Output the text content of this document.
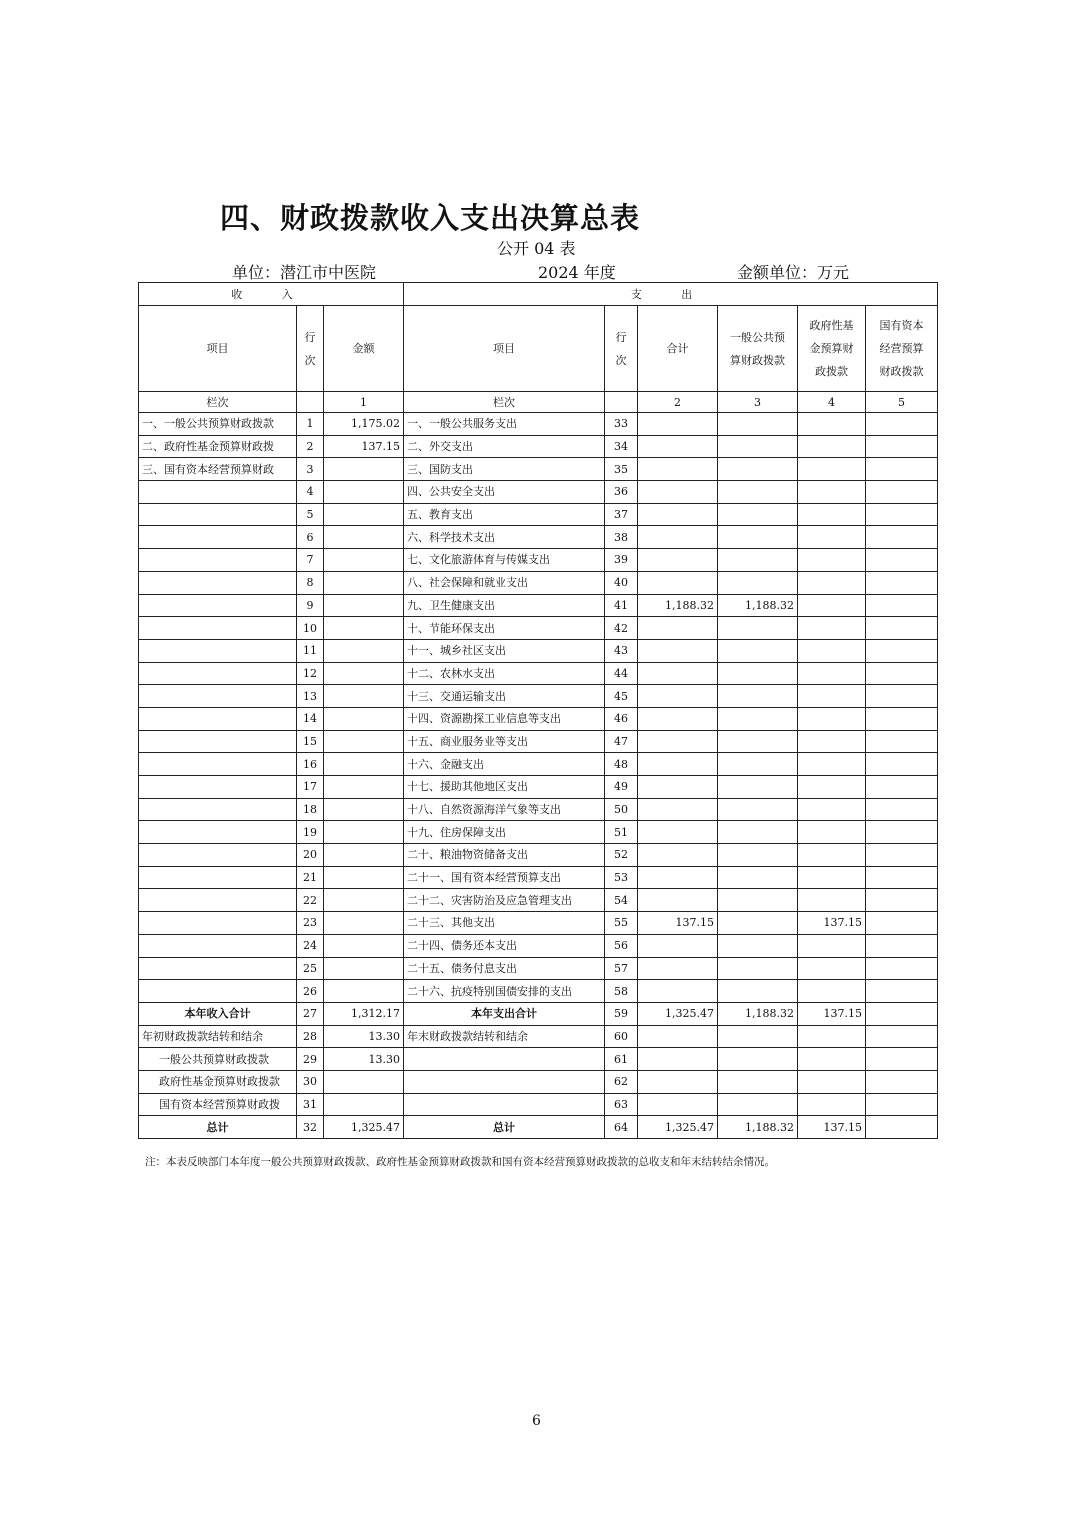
四、财政拨款收入支出决算总表
公开 04 表
单位：潜江市中医院	2024 年度	金额单位：万元
收 入			支 出					
项目	行次	金额	项目	行次	合计	一般公共预算财政拨款	政府性基金预算财政拨款	国有资本经营预算财政拨款
栏次		1	栏次		2	3	4	5
一、一般公共预算财政拨款	1	1,175.02	一、一般公共服务支出	33				
二、政府性基金预算财政拨	2	137.15	二、外交支出	34				
三、国有资本经营预算财政	3		三、国防支出	35				
	4		四、公共安全支出	36				
	5		五、教育支出	37				
	6		六、科学技术支出	38				
	7		七、文化旅游体育与传媒支出	39				
	8		八、社会保障和就业支出	40				
	9		九、卫生健康支出	41	1,188.32	1,188.32		
	10		十、节能环保支出	42				
	11		十一、城乡社区支出	43				
	12		十二、农林水支出	44				
	13		十三、交通运输支出	45				
	14		十四、资源勘探工业信息等支出	46				
	15		十五、商业服务业等支出	47				
	16		十六、金融支出	48				
	17		十七、援助其他地区支出	49				
	18		十八、自然资源海洋气象等支出	50				
	19		十九、住房保障支出	51				
	20		二十、粮油物资储备支出	52				
	21		二十一、国有资本经营预算支出	53				
	22		二十二、灾害防治及应急管理支出	54				
	23		二十三、其他支出	55	137.15		137.15	
	24		二十四、债务还本支出	56				
	25		二十五、债务付息支出	57				
	26		二十六、抗疫特别国债安排的支出	58				
本年收入合计	27	1,312.17	本年支出合计	59	1,325.47	1,188.32	137.15	
年初财政拨款结转和结余	28	13.30	年末财政拨款结转和结余	60				
一般公共预算财政拨款	29	13.30		61				
政府性基金预算财政拨款	30			62				
国有资本经营预算财政拨	31			63				
总计	32	1,325.47	总计	64	1,325.47	1,188.32	137.15	
注：本表反映部门本年度一般公共预算财政拨款、政府性基金预算财政拨款和国有资本经营预算财政拨款的总收支和年末结转结余情况。
6
